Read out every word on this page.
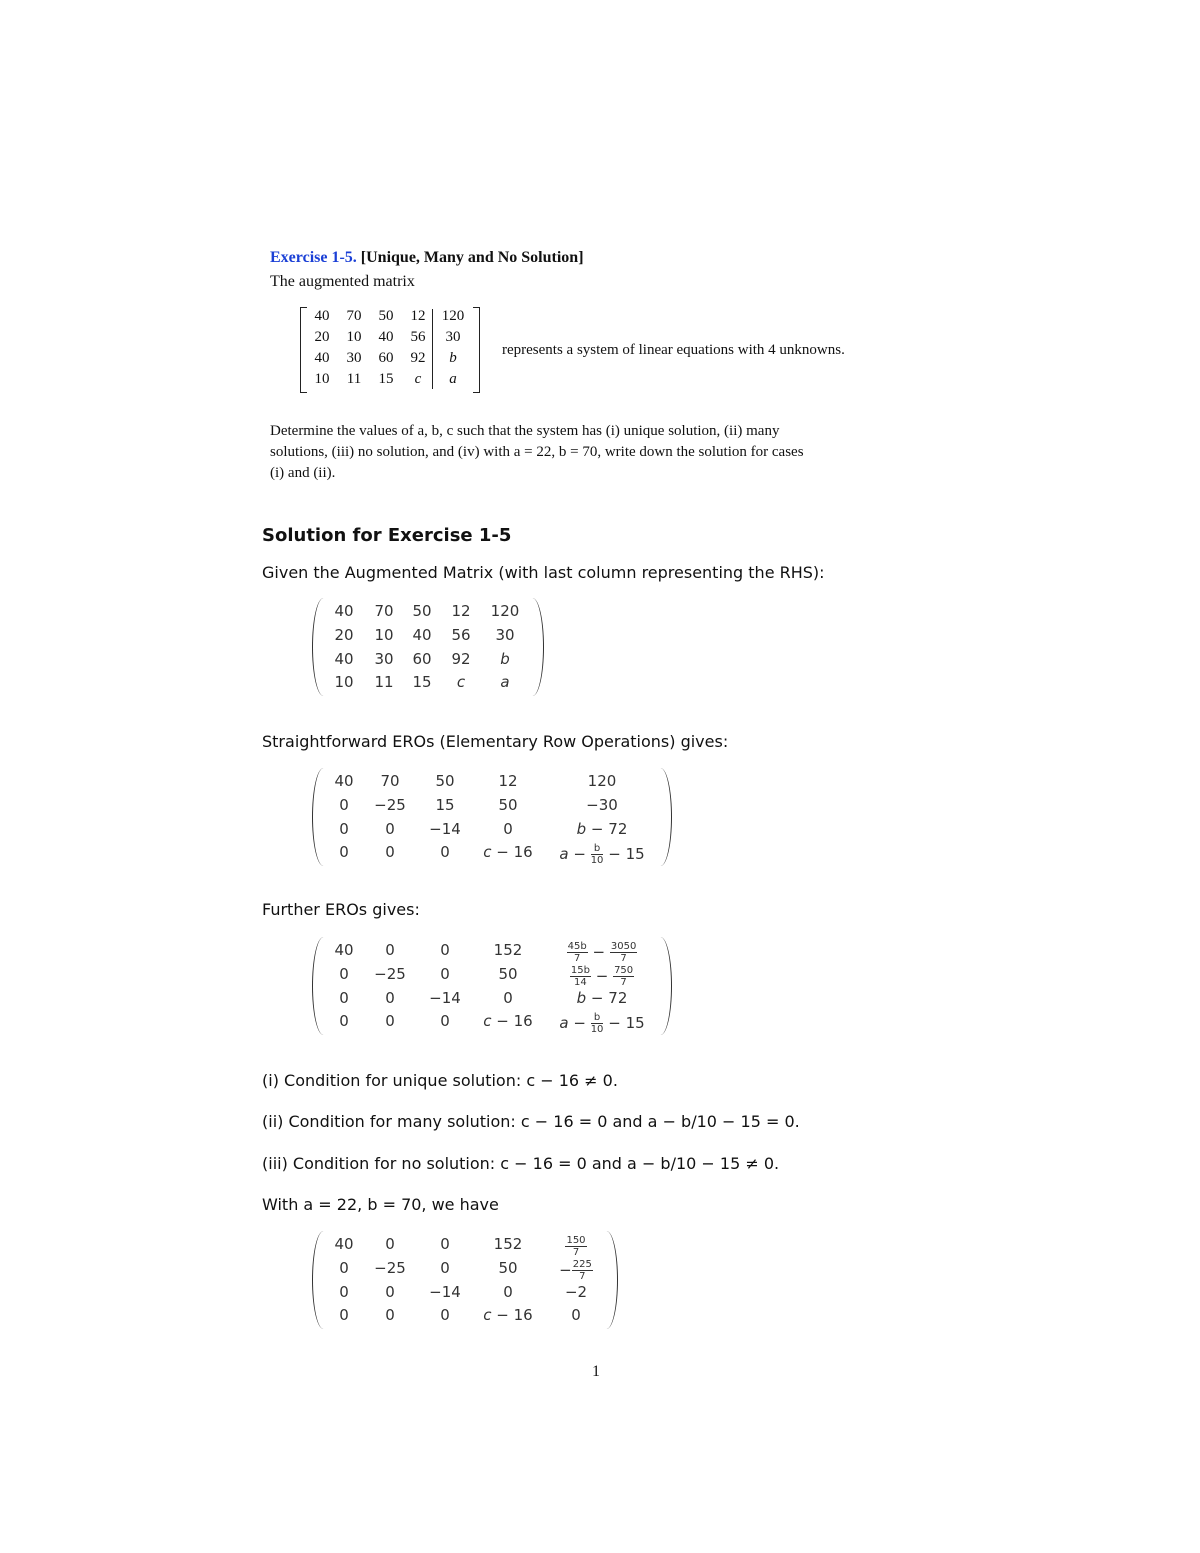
Exercise 1-5. [Unique, Many and No Solution]
The augmented matrix
40	70	50	12	120
20	10	40	56	30
40	30	60	92	b
10	11	15	c	a
represents a system of linear equations with 4 unknowns.
Determine the values of a, b, c such that the system has (i) unique solution, (ii) many
solutions, (iii) no solution, and (iv) with a = 22, b = 70, write down the solution for cases
(i) and (ii).
Solution for Exercise 1-5
Given the Augmented Matrix (with last column representing the RHS):
40	70	50	12	120
20	10	40	56	30
40	30	60	92	b
10	11	15	c	a
Straightforward EROs (Elementary Row Operations) gives:
40	70	50	12	120
0	−25	15	50	−30
0	0	−14	0	b − 72
0	0	0	c − 16	$a - \frac{b}{10} - 15$
Further EROs gives:
40	0	0	152	$\frac{45b}{7} - \frac{3050}{7}$
0	−25	0	50	$\frac{15b}{14} - \frac{750}{7}$
0	0	−14	0	b − 72
0	0	0	c − 16	$a - \frac{b}{10} - 15$
(i) Condition for unique solution: c − 16 ≠ 0.
(ii) Condition for many solution: c − 16 = 0 and a − b/10 − 15 = 0.
(iii) Condition for no solution: c − 16 = 0 and a − b/10 − 15 ≠ 0.
With a = 22, b = 70, we have
40	0	0	152	$\frac{150}{7}$
0	−25	0	50	− $\frac{225}{7}$
0	0	−14	0	−2
0	0	0	c − 16	0
1
